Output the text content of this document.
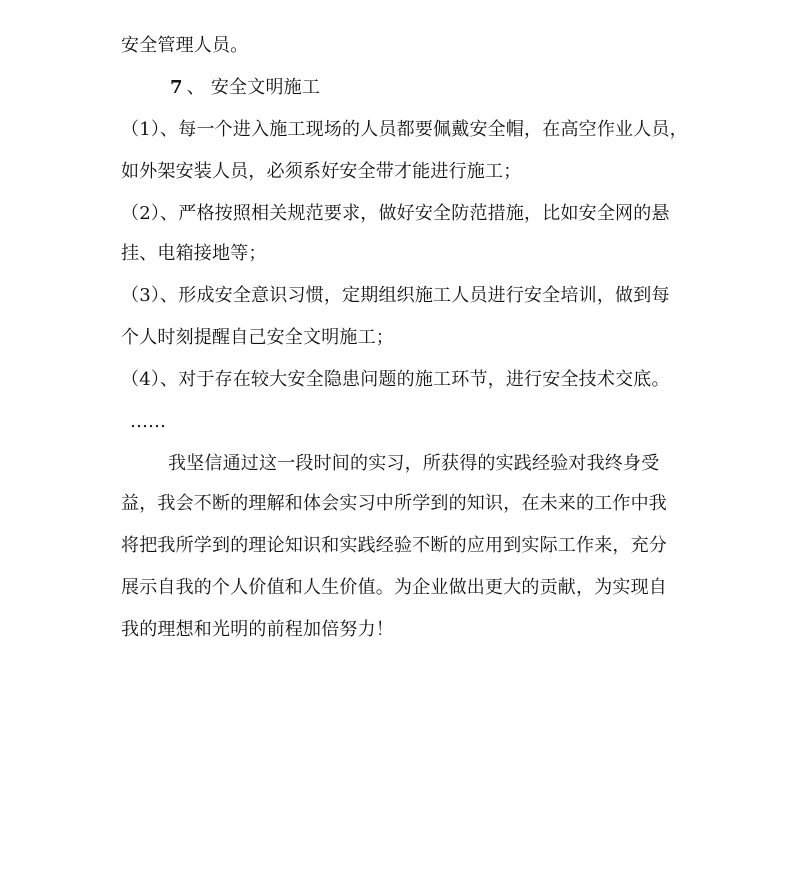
安全管理人员。
7 、 安全文明施工
（1）、每一个进入施工现场的人员都要佩戴安全帽，在高空作业人员，
如外架安装人员，必须系好安全带才能进行施工；
（2）、严格按照相关规范要求，做好安全防范措施，比如安全网的悬
挂、电箱接地等；
（3）、形成安全意识习惯，定期组织施工人员进行安全培训，做到每
个人时刻提醒自己安全文明施工；
（4）、对于存在较大安全隐患问题的施工环节，进行安全技术交底。
……
我坚信通过这一段时间的实习，所获得的实践经验对我终身受
益，我会不断的理解和体会实习中所学到的知识，在未来的工作中我
将把我所学到的理论知识和实践经验不断的应用到实际工作来，充分
展示自我的个人价值和人生价值。为企业做出更大的贡献，为实现自
我的理想和光明的前程加倍努力！
